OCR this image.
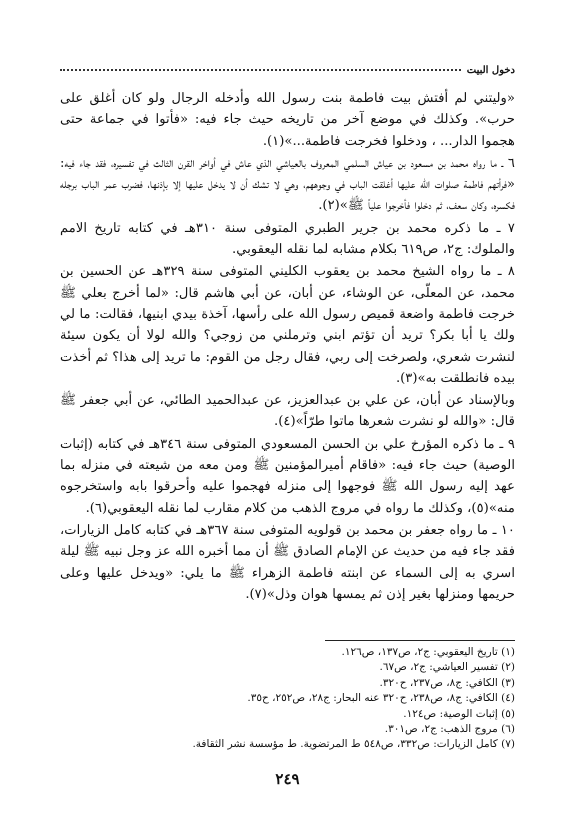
دخول البيت

«وليتني لم أفتش بيت فاطمة بنت رسول الله وأدخله الرجال ولو كان أغلق على حرب». وكذلك في موضع آخر من تاريخه حيث جاء فيه: «فأتوا في جماعة حتى هجموا الدار... ، ودخلوا فخرجت فاطمة...»(١).

٦ ـ ما رواه محمد بن مسعود بن عياش السلمي المعروف بالعياشي الذي عاش في أواخر القرن الثالث في تفسيره، فقد جاء فيه: «فرأتهم فاطمة صلوات الله عليها أغلقت الباب في وجوههم، وهي لا تشك أن لا يدخل عليها إلا بإذنها، فضرب عمر الباب برجله فكسره، وكان سعف، ثم دخلوا فأخرجوا علياً ﷺ»(٢).

٧ ـ ما ذكره محمد بن جرير الطبري المتوفى سنة ٣١٠هـ في كتابه تاريخ الامم والملوك: ج٢، ص٦١٩ بكلام مشابه لما نقله اليعقوبي.

٨ ـ ما رواه الشيخ محمد بن يعقوب الكليني المتوفى سنة ٣٢٩هـ عن الحسين بن محمد، عن المعلّى، عن الوشاء، عن أبان، عن أبي هاشم قال: «لما أخرج بعلي ﷺ خرجت فاطمة واضعة قميص رسول الله على رأسها، آخذة بيدي ابنيها، فقالت: ما لي ولك يا أبا بكر؟ تريد أن تؤتم ابني وترملني من زوجي؟ والله لولا أن يكون سيئة لنشرت شعري، ولصرخت إلى ربي، فقال رجل من القوم: ما تريد إلى هذا؟ ثم أخذت بيده فانطلقت به»(٣).

وبالإسناد عن أبان، عن علي بن عبدالعزيز، عن عبدالحميد الطائي، عن أبي جعفر ﷺ قال: «والله لو نشرت شعرها ماتوا طرّاً»(٤).

٩ ـ ما ذكره المؤرخ علي بن الحسن المسعودي المتوفى سنة ٣٤٦هـ في كتابه (إثبات الوصية) حيث جاء فيه: «فاقام أميرالمؤمنين ﷺ ومن معه من شيعته في منزله بما عهد إليه رسول الله ﷺ فوجهوا إلى منزله فهجموا عليه وأحرقوا بابه واستخرجوه منه»(٥)، وكذلك ما رواه في مروج الذهب من كلام مقارب لما نقله اليعقوبي(٦).

١٠ ـ ما رواه جعفر بن محمد بن قولويه المتوفى سنة ٣٦٧هـ في كتابه كامل الزيارات، فقد جاء فيه من حديث عن الإمام الصادق ﷺ أن مما أخبره الله عز وجل نبيه ﷺ ليلة اسري به إلى السماء عن ابنته فاطمة الزهراء ﷺ ما يلي: «ويدخل عليها وعلى حريمها ومنزلها بغير إذن ثم يمسها هوان وذل»(٧).

(١) تاريخ اليعقوبي: ج٢، ص١٣٧، ص١٢٦.
(٢) تفسير العياشي: ج٢، ص٦٧.
(٣) الكافي: ج٨، ص٢٣٧، ح٣٢٠.
(٤) الكافي: ج٨، ص٢٣٨، ح٣٢٠ عنه البحار: ج٢٨، ص٢٥٢، ح٣٥.
(٥) إثبات الوصية: ص١٢٤.
(٦) مروج الذهب: ج٢، ص٣٠١.
(٧) كامل الزيارات: ص٣٣٢، ص٥٤٨ ط المرتضوية. ط مؤسسة نشر الثقافة.
٢٤٩
